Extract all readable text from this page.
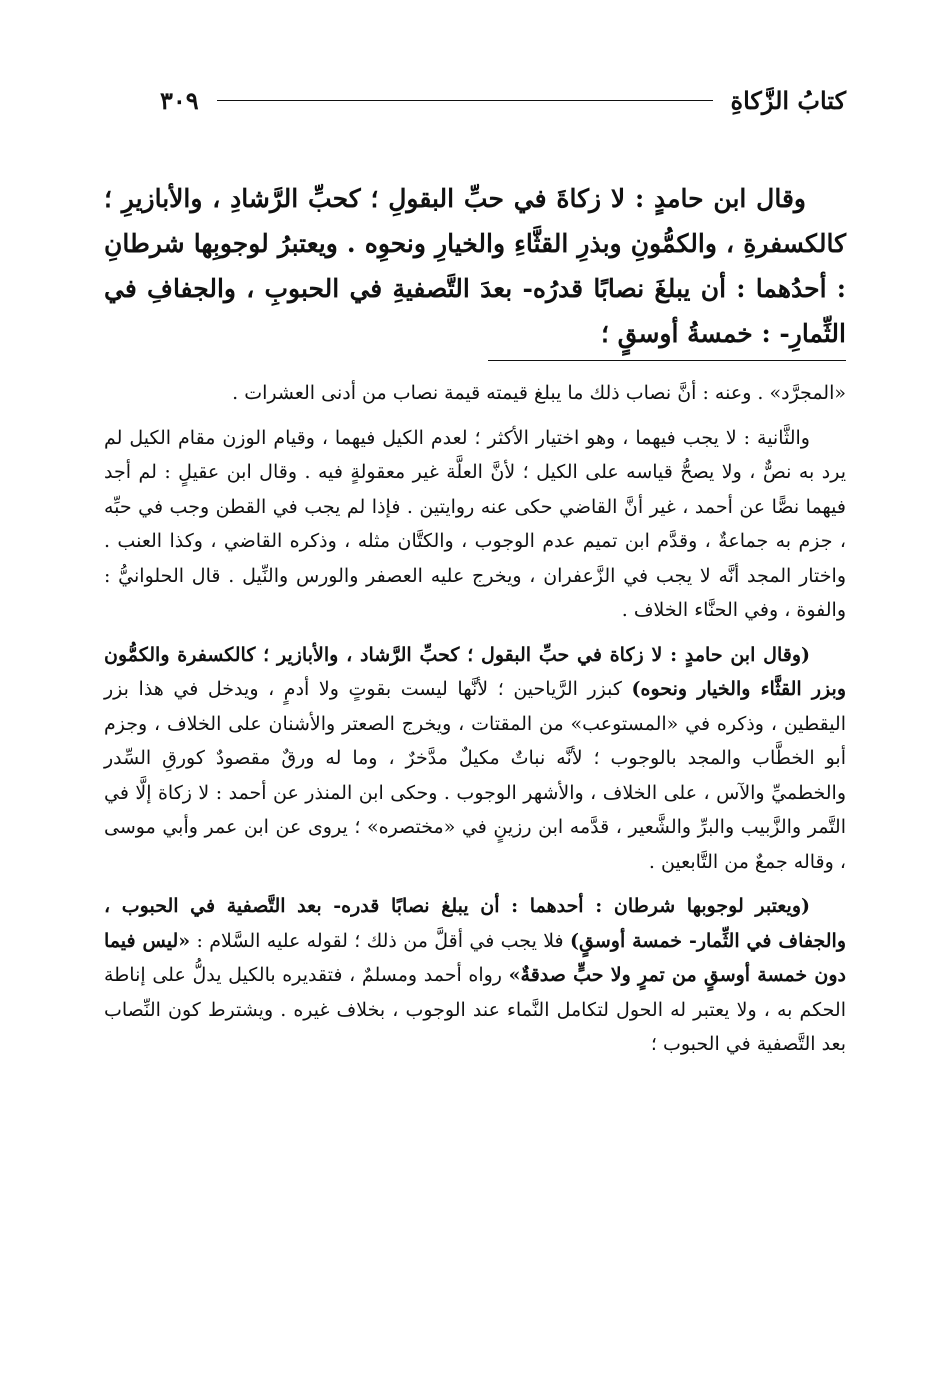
كتابُ الزَّكاةِ
٣٠٩

وقال ابن حامدٍ : لا زكاةَ في حبِّ البقولِ ؛ كحبِّ الرَّشادِ ، والأبازيرِ ؛ كالكسفرةِ ، والكمُّونِ وبذرِ القثَّاءِ والخيارِ ونحوِه . ويعتبرُ لوجوبِها شرطانِ : أحدُهما : أن يبلغَ نصابًا قدرُه- بعدَ التَّصفيةِ في الحبوبِ ، والجفافِ في الثِّمارِ- : خمسةُ أوسقٍ ؛

«المجرَّد» . وعنه : أنَّ نصاب ذلك ما يبلغ قيمته قيمة نصاب من أدنى العشرات .

والثَّانية : لا يجب فيهما ، وهو اختيار الأكثر ؛ لعدم الكيل فيهما ، وقيام الوزن مقام الكيل لم يرد به نصٌّ ، ولا يصحُّ قياسه على الكيل ؛ لأنَّ العلَّة غير معقولةٍ فيه . وقال ابن عقيلٍ : لم أجد فيهما نصًّا عن أحمد ، غير أنَّ القاضي حكى عنه روايتين . فإذا لم يجب في القطن وجب في حبِّه ، جزم به جماعةٌ ، وقدَّم ابن تميم عدم الوجوب ، والكتَّان مثله ، وذكره القاضي ، وكذا العنب . واختار المجد أنَّه لا يجب في الزَّعفران ، ويخرج عليه العصفر والورس والنِّيل . قال الحلوانيُّ : والفوة ، وفي الحنَّاء الخلاف .

(وقال ابن حامدٍ : لا زكاة في حبِّ البقول ؛ كحبِّ الرَّشاد ، والأبازير ؛ كالكسفرة والكمُّون وبزر القثَّاء والخيار ونحوه) كبزر الرَّياحين ؛ لأنَّها ليست بقوتٍ ولا أدمٍ ، ويدخل في هذا بزر اليقطين ، وذكره في «المستوعب» من المقتات ، ويخرج الصعتر والأشنان على الخلاف ، وجزم أبو الخطَّاب والمجد بالوجوب ؛ لأنَّه نباتٌ مكيلٌ مدَّخرٌ ، وما له ورقٌ مقصودٌ كورقِ السِّدر والخطميِّ والآس ، على الخلاف ، والأشهر الوجوب . وحكى ابن المنذر عن أحمد : لا زكاة إلَّا في التَّمر والزَّبيب والبرِّ والشَّعير ، قدَّمه ابن رزينٍ في «مختصره» ؛ يروى عن ابن عمر وأبي موسى ، وقاله جمعٌ من التَّابعين .

(ويعتبر لوجوبها شرطان : أحدهما : أن يبلغ نصابًا قدره- بعد التَّصفية في الحبوب ، والجفاف في الثِّمار- خمسة أوسقٍ) فلا يجب في أقلَّ من ذلك ؛ لقوله عليه السَّلام : «ليس فيما دون خمسة أوسقٍ من تمرٍ ولا حبٍّ صدقةٌ» رواه أحمد ومسلمٌ ، فتقديره بالكيل يدلُّ على إناطة الحكم به ، ولا يعتبر له الحول لتكامل النَّماء عند الوجوب ، بخلاف غيره . ويشترط كون النِّصاب بعد التَّصفية في الحبوب ؛
